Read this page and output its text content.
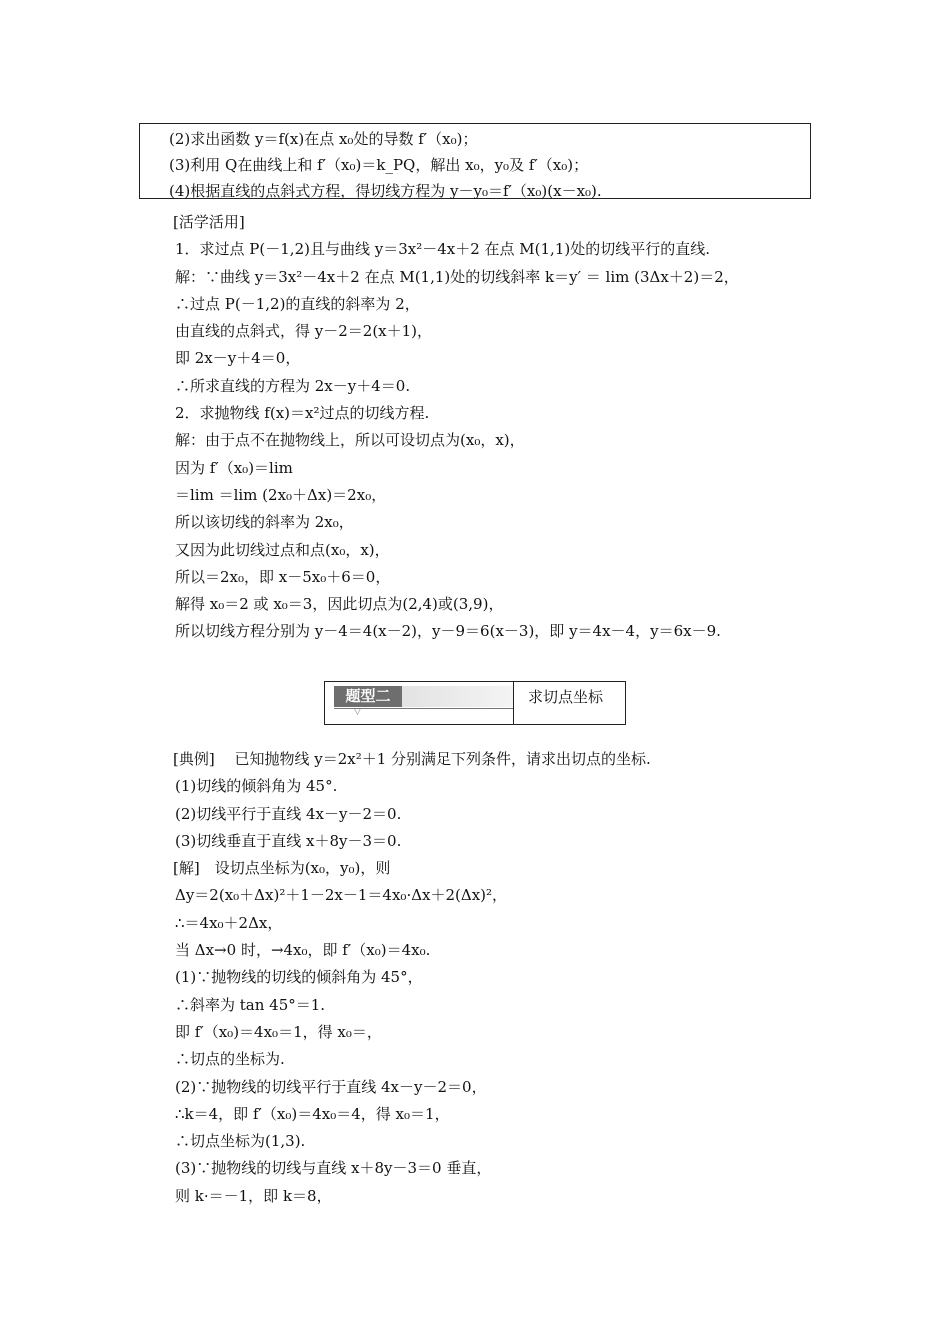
(2)求出函数 y＝f(x)在点 x₀处的导数 f′（x₀)；
(3)利用 Q在曲线上和 f′（x₀)＝k_PQ，解出 x₀，y₀及 f′（x₀)；
(4)根据直线的点斜式方程，得切线方程为 y－y₀＝f′（x₀)(x－x₀).
[活学活用]
1．求过点 P(－1,2)且与曲线 y＝3x²－4x＋2 在点 M(1,1)处的切线平行的直线.
解：∵曲线 y＝3x²－4x＋2 在点 M(1,1)处的切线斜率 k＝y′ ＝ lim (3Δx＋2)＝2，
∴过点 P(－1,2)的直线的斜率为 2，
由直线的点斜式，得 y－2＝2(x＋1)，
即 2x－y＋4＝0，
∴所求直线的方程为 2x－y＋4＝0.
2．求抛物线 f(x)＝x²过点的切线方程.
解：由于点不在抛物线上，所以可设切点为(x₀，x)，
因为 f′（x₀)＝lim
＝lim ＝lim (2x₀＋Δx)＝2x₀，
所以该切线的斜率为 2x₀，
又因为此切线过点和点(x₀，x)，
所以＝2x₀，即 x－5x₀＋6＝0，
解得 x₀＝2 或 x₀＝3，因此切点为(2,4)或(3,9)，
所以切线方程分别为 y－4＝4(x－2)，y－9＝6(x－3)，即 y＝4x－4，y＝6x－9.
题型二
▽
求切点坐标
[典例]　 已知抛物线 y＝2x²＋1 分别满足下列条件，请求出切点的坐标.
(1)切线的倾斜角为 45°.
(2)切线平行于直线 4x－y－2＝0.
(3)切线垂直于直线 x＋8y－3＝0.
[解]　设切点坐标为(x₀，y₀)，则
Δy＝2(x₀＋Δx)²＋1－2x－1＝4x₀·Δx＋2(Δx)²，
∴＝4x₀＋2Δx，
当 Δx→0 时，→4x₀，即 f′（x₀)＝4x₀.
(1)∵抛物线的切线的倾斜角为 45°，
∴斜率为 tan 45°＝1.
即 f′（x₀)＝4x₀＝1，得 x₀＝，
∴切点的坐标为.
(2)∵抛物线的切线平行于直线 4x－y－2＝0，
∴k＝4，即 f′（x₀)＝4x₀＝4，得 x₀＝1，
∴切点坐标为(1,3).
(3)∵抛物线的切线与直线 x＋8y－3＝0 垂直，
则 k·＝－1，即 k＝8，
